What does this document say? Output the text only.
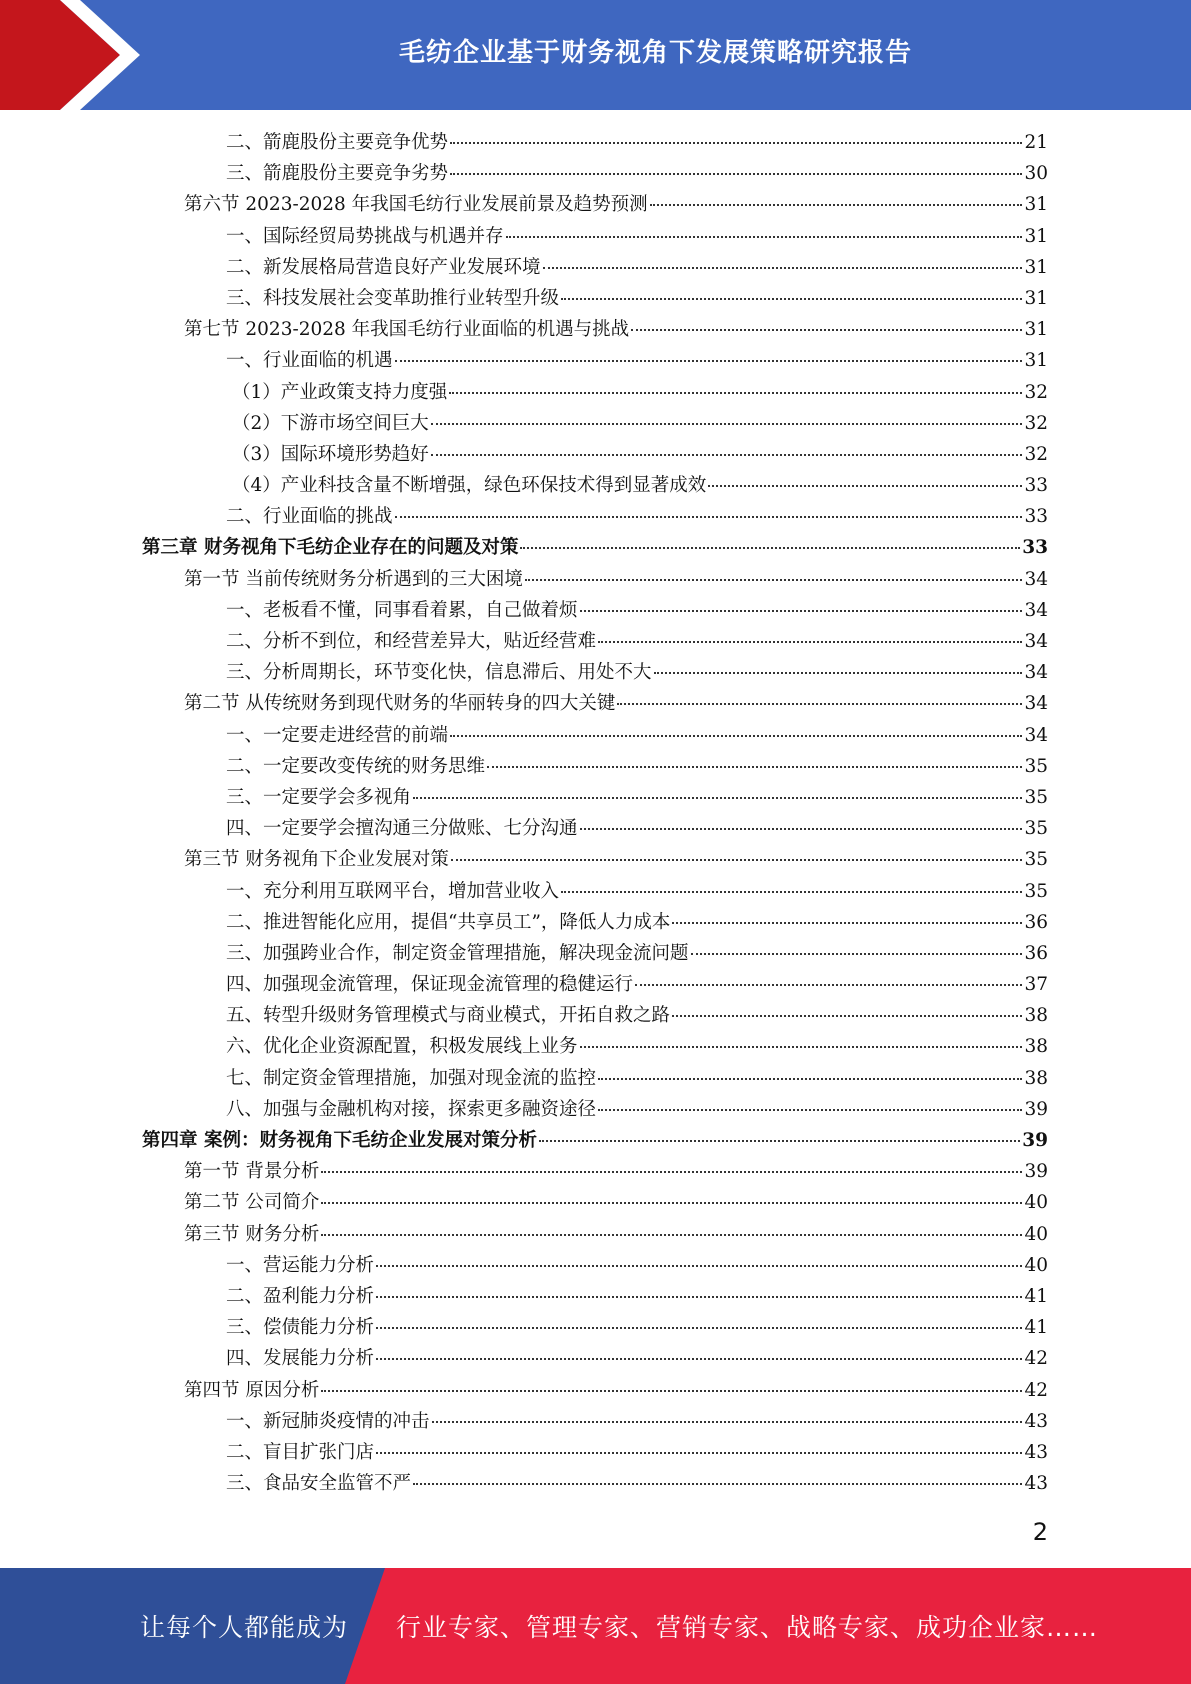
毛纺企业基于财务视角下发展策略研究报告
二、箭鹿股份主要竞争优势	21
三、箭鹿股份主要竞争劣势	30
第六节 2023-2028 年我国毛纺行业发展前景及趋势预测	31
一、国际经贸局势挑战与机遇并存	31
二、新发展格局营造良好产业发展环境	31
三、科技发展社会变革助推行业转型升级	31
第七节 2023-2028 年我国毛纺行业面临的机遇与挑战	31
一、行业面临的机遇	31
（1）产业政策支持力度强	32
（2）下游市场空间巨大	32
（3）国际环境形势趋好	32
（4）产业科技含量不断增强，绿色环保技术得到显著成效	33
二、行业面临的挑战	33
第三章 财务视角下毛纺企业存在的问题及对策	33
第一节 当前传统财务分析遇到的三大困境	34
一、老板看不懂，同事看着累，自己做着烦	34
二、分析不到位，和经营差异大，贴近经营难	34
三、分析周期长，环节变化快，信息滞后、用处不大	34
第二节 从传统财务到现代财务的华丽转身的四大关键	34
一、一定要走进经营的前端	34
二、一定要改变传统的财务思维	35
三、一定要学会多视角	35
四、一定要学会擅沟通三分做账、七分沟通	35
第三节 财务视角下企业发展对策	35
一、充分利用互联网平台，增加营业收入	35
二、推进智能化应用，提倡“共享员工”，降低人力成本	36
三、加强跨业合作，制定资金管理措施，解决现金流问题	36
四、加强现金流管理，保证现金流管理的稳健运行	37
五、转型升级财务管理模式与商业模式，开拓自救之路	38
六、优化企业资源配置，积极发展线上业务	38
七、制定资金管理措施，加强对现金流的监控	38
八、加强与金融机构对接，探索更多融资途径	39
第四章 案例：财务视角下毛纺企业发展对策分析	39
第一节 背景分析	39
第二节 公司简介	40
第三节 财务分析	40
一、营运能力分析	40
二、盈利能力分析	41
三、偿债能力分析	41
四、发展能力分析	42
第四节 原因分析	42
一、新冠肺炎疫情的冲击	43
二、盲目扩张门店	43
三、食品安全监管不严	43
2
让每个人都能成为 行业专家、管理专家、营销专家、战略专家、成功企业家……
